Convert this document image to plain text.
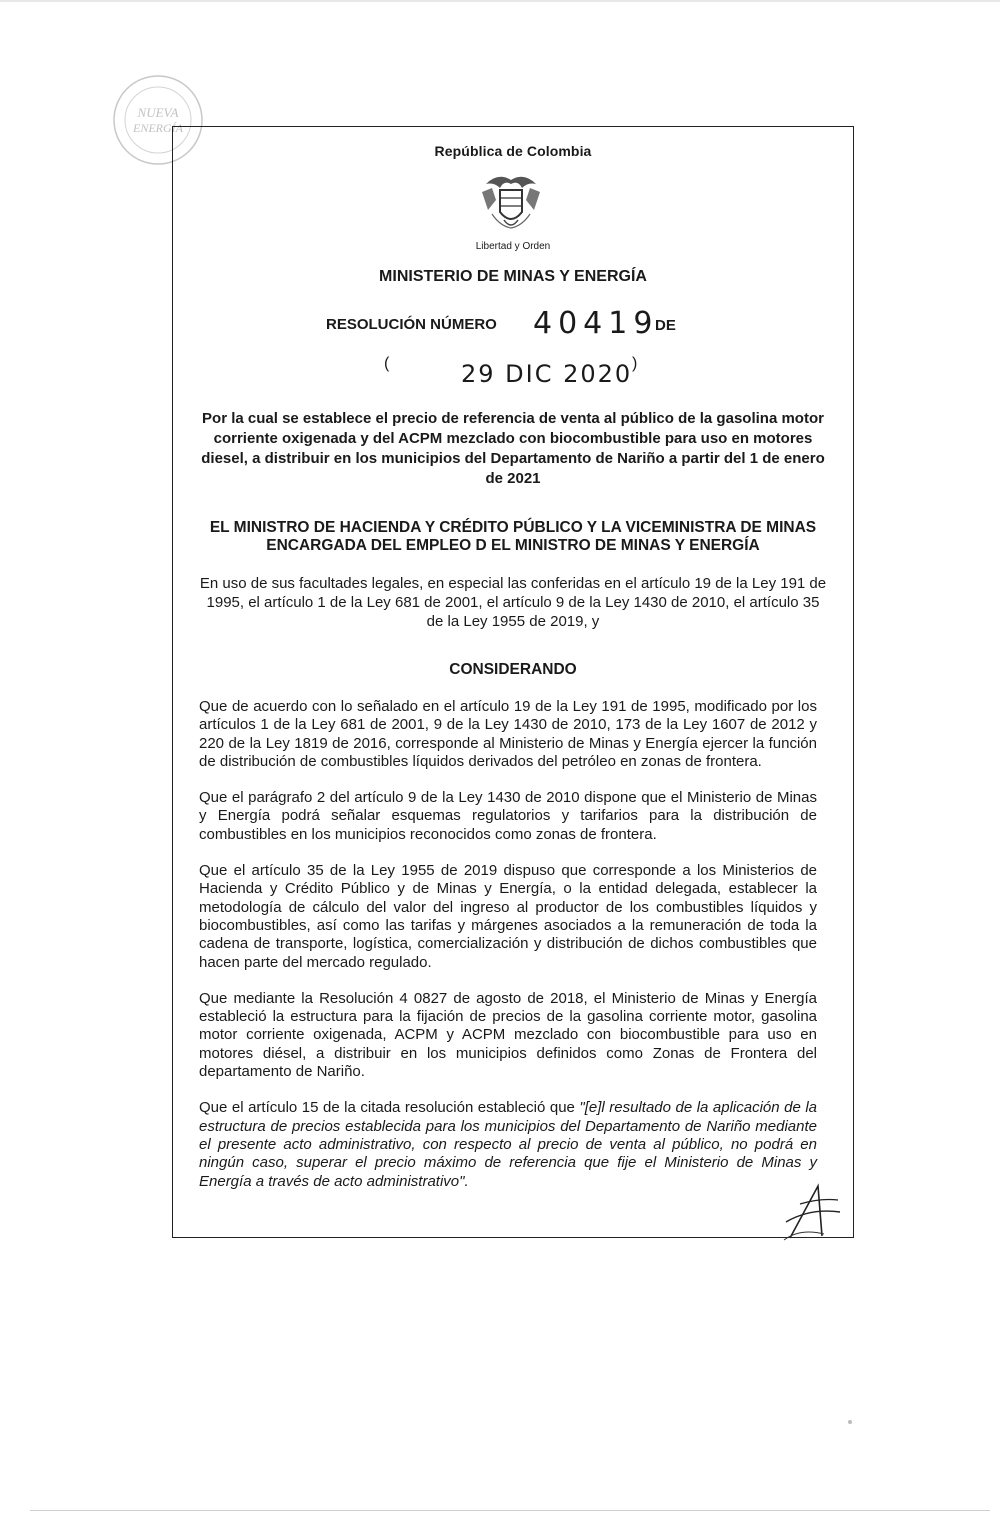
NUEVA
ENERGÍA
República de Colombia
Libertad y Orden
MINISTERIO DE MINAS Y ENERGÍA
RESOLUCIÓN NÚMERO 40419
DE
(	29 DIC 2020 )
Por la cual se establece el precio de referencia de venta al público de la gasolina motor corriente oxigenada y del ACPM mezclado con biocombustible para uso en motores diesel, a distribuir en los municipios del Departamento de Nariño a partir del 1 de enero de 2021
EL MINISTRO DE HACIENDA Y CRÉDITO PÚBLICO Y LA VICEMINISTRA DE MINAS ENCARGADA DEL EMPLEO D EL MINISTRO DE MINAS Y ENERGÍA
En uso de sus facultades legales, en especial las conferidas en el artículo 19 de la Ley 191 de 1995, el artículo 1 de la Ley 681 de 2001, el artículo 9 de la Ley 1430 de 2010, el artículo 35 de la Ley 1955 de 2019, y
CONSIDERANDO

Que de acuerdo con lo señalado en el artículo 19 de la Ley 191 de 1995, modificado por los artículos 1 de la Ley 681 de 2001, 9 de la Ley 1430 de 2010, 173 de la Ley 1607 de 2012 y 220 de la Ley 1819 de 2016, corresponde al Ministerio de Minas y Energía ejercer la función de distribución de combustibles líquidos derivados del petróleo en zonas de frontera.

Que el parágrafo 2 del artículo 9 de la Ley 1430 de 2010 dispone que el Ministerio de Minas y Energía podrá señalar esquemas regulatorios y tarifarios para la distribución de combustibles en los municipios reconocidos como zonas de frontera.

Que el artículo 35 de la Ley 1955 de 2019 dispuso que corresponde a los Ministerios de Hacienda y Crédito Público y de Minas y Energía, o la entidad delegada, establecer la metodología de cálculo del valor del ingreso al productor de los combustibles líquidos y biocombustibles, así como las tarifas y márgenes asociados a la remuneración de toda la cadena de transporte, logística, comercialización y distribución de dichos combustibles que hacen parte del mercado regulado.

Que mediante la Resolución 4 0827 de agosto de 2018, el Ministerio de Minas y Energía estableció la estructura para la fijación de precios de la gasolina corriente motor, gasolina motor corriente oxigenada, ACPM y ACPM mezclado con biocombustible para uso en motores diésel, a distribuir en los municipios definidos como Zonas de Frontera del departamento de Nariño.

Que el artículo 15 de la citada resolución estableció que "[e]l resultado de la aplicación de la estructura de precios establecida para los municipios del Departamento de Nariño mediante el presente acto administrativo, con respecto al precio de venta al público, no podrá en ningún caso, superar el precio máximo de referencia que fije el Ministerio de Minas y Energía a través de acto administrativo".
